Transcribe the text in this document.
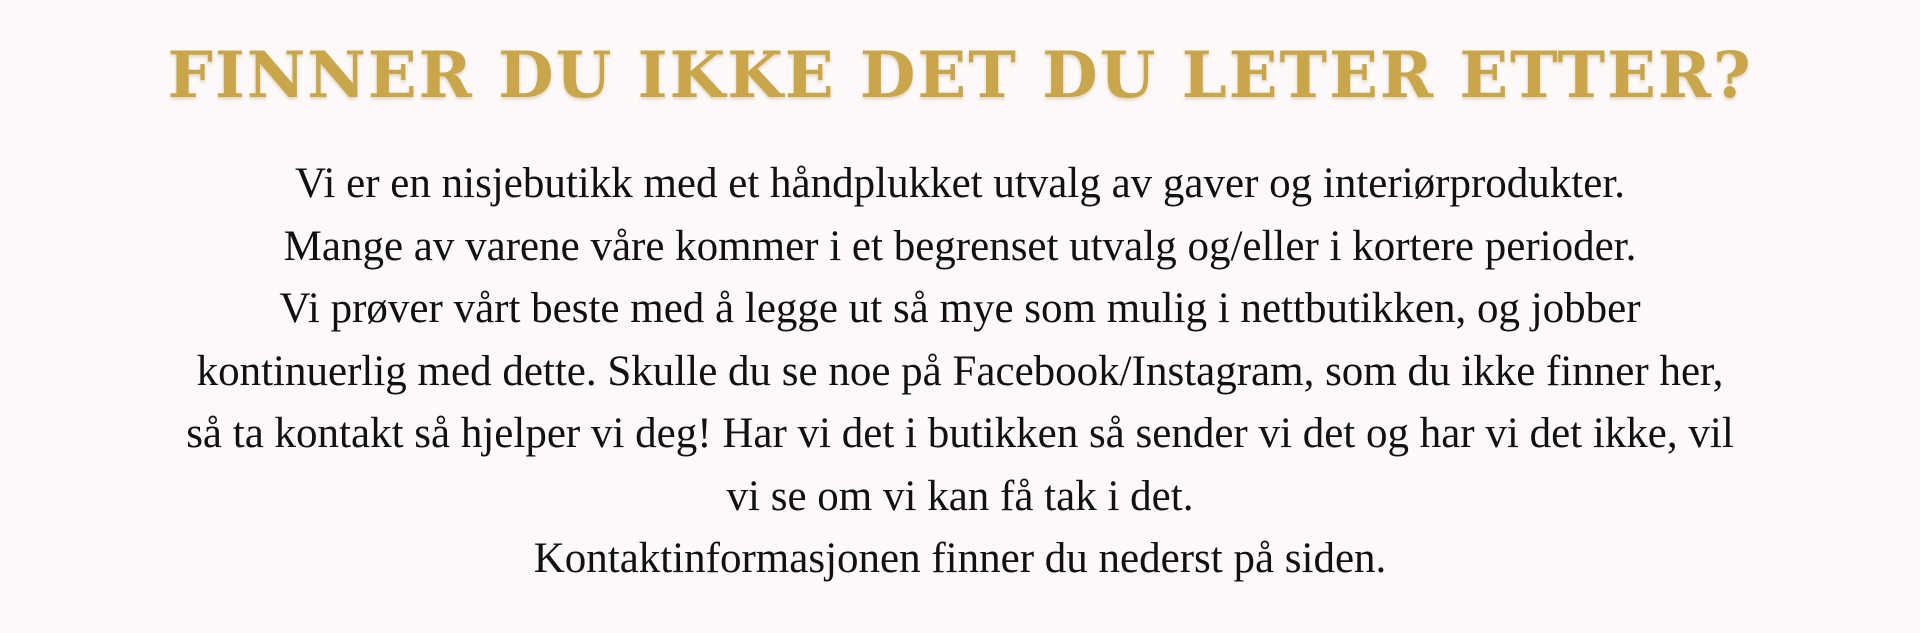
FINNER DU IKKE DET DU LETER ETTER?

Vi er en nisjebutikk med et håndplukket utvalg av gaver og interiørprodukter.
Mange av varene våre kommer i et begrenset utvalg og/eller i kortere perioder.
Vi prøver vårt beste med å legge ut så mye som mulig i nettbutikken, og jobber
kontinuerlig med dette. Skulle du se noe på Facebook/Instagram, som du ikke finner her,
så ta kontakt så hjelper vi deg! Har vi det i butikken så sender vi det og har vi det ikke, vil
vi se om vi kan få tak i det.
Kontaktinformasjonen finner du nederst på siden.
